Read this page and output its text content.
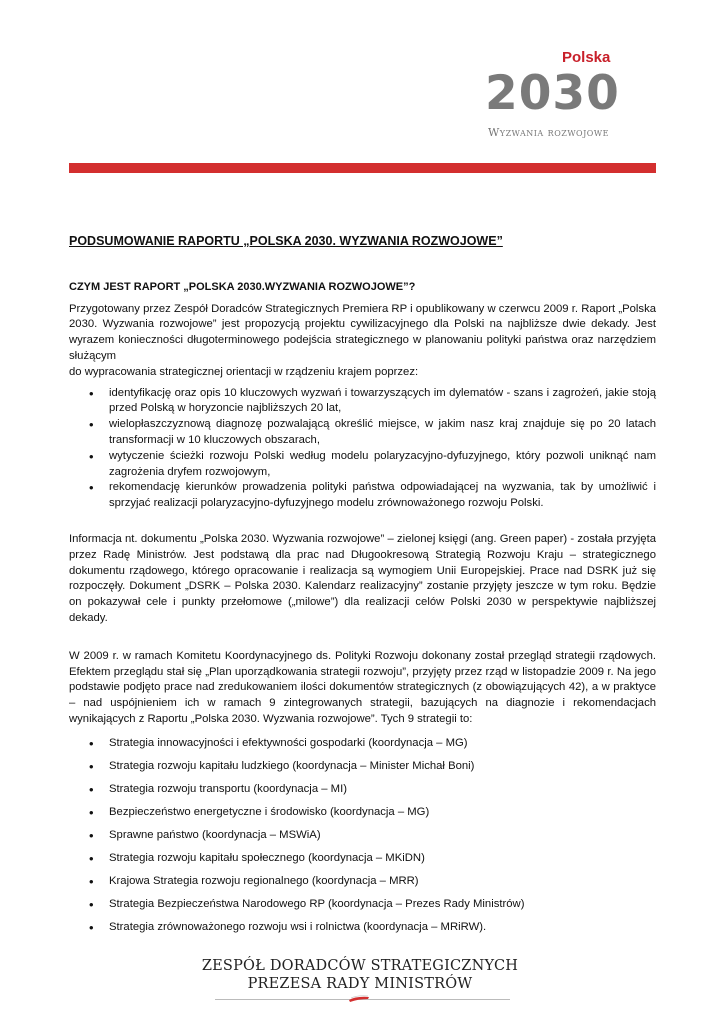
Polska
2030
Wyzwania rozwojowe
PODSUMOWANIE RAPORTU „POLSKA 2030. WYZWANIA ROZWOJOWE”
CZYM JEST RAPORT „POLSKA 2030.WYZWANIA ROZWOJOWE”?

Przygotowany przez Zespół Doradców Strategicznych Premiera RP i opublikowany w czerwcu 2009 r. Raport „Polska 2030. Wyzwania rozwojowe” jest propozycją projektu cywilizacyjnego dla Polski na najbliższe dwie dekady. Jest wyrazem konieczności długoterminowego podejścia strategicznego w planowaniu polityki państwa oraz narzędziem służącym

do wypracowania strategicznej orientacji w rządzeniu krajem poprzez:

• identyfikację oraz opis 10 kluczowych wyzwań i towarzyszących im dylematów - szans i zagrożeń, jakie stoją przed Polską w horyzoncie najbliższych 20 lat,
• wielopłaszczyznową diagnozę pozwalającą określić miejsce, w jakim nasz kraj znajduje się po 20 latach transformacji w 10 kluczowych obszarach,
• wytyczenie ścieżki rozwoju Polski według modelu polaryzacyjno-dyfuzyjnego, który pozwoli uniknąć nam zagrożenia dryfem rozwojowym,
• rekomendację kierunków prowadzenia polityki państwa odpowiadającej na wyzwania, tak by umożliwić i sprzyjać realizacji polaryzacyjno-dyfuzyjnego modelu zrównoważonego rozwoju Polski.

Informacja nt. dokumentu „Polska 2030. Wyzwania rozwojowe” – zielonej księgi (ang. Green paper) - została przyjęta przez Radę Ministrów. Jest podstawą dla prac nad Długookresową Strategią Rozwoju Kraju – strategicznego dokumentu rządowego, którego opracowanie i realizacja są wymogiem Unii Europejskiej. Prace nad DSRK już się rozpoczęły. Dokument „DSRK – Polska 2030. Kalendarz realizacyjny” zostanie przyjęty jeszcze w tym roku. Będzie on pokazywał cele i punkty przełomowe („milowe”) dla realizacji celów Polski 2030 w perspektywie najbliższej dekady.

W 2009 r. w ramach Komitetu Koordynacyjnego ds. Polityki Rozwoju dokonany został przegląd strategii rządowych. Efektem przeglądu stał się „Plan uporządkowania strategii rozwoju”, przyjęty przez rząd w listopadzie 2009 r. Na jego podstawie podjęto prace nad zredukowaniem ilości dokumentów strategicznych (z obowiązujących 42), a w praktyce – nad uspójnieniem ich w ramach 9 zintegrowanych strategii, bazujących na diagnozie i rekomendacjach wynikających z Raportu „Polska 2030. Wyzwania rozwojowe”. Tych 9 strategii to:

• Strategia innowacyjności i efektywności gospodarki (koordynacja – MG)
• Strategia rozwoju kapitału ludzkiego (koordynacja – Minister Michał Boni)
• Strategia rozwoju transportu (koordynacja – MI)
• Bezpieczeństwo energetyczne i środowisko (koordynacja – MG)
• Sprawne państwo (koordynacja – MSWiA)
• Strategia rozwoju kapitału społecznego (koordynacja – MKiDN)
• Krajowa Strategia rozwoju regionalnego (koordynacja – MRR)
• Strategia Bezpieczeństwa Narodowego RP (koordynacja – Prezes Rady Ministrów)
• Strategia zrównoważonego rozwoju wsi i rolnictwa (koordynacja – MRiRW).
ZESPÓŁ DORADCÓW STRATEGICZNYCH
PREZESA RADY MINISTRÓW
